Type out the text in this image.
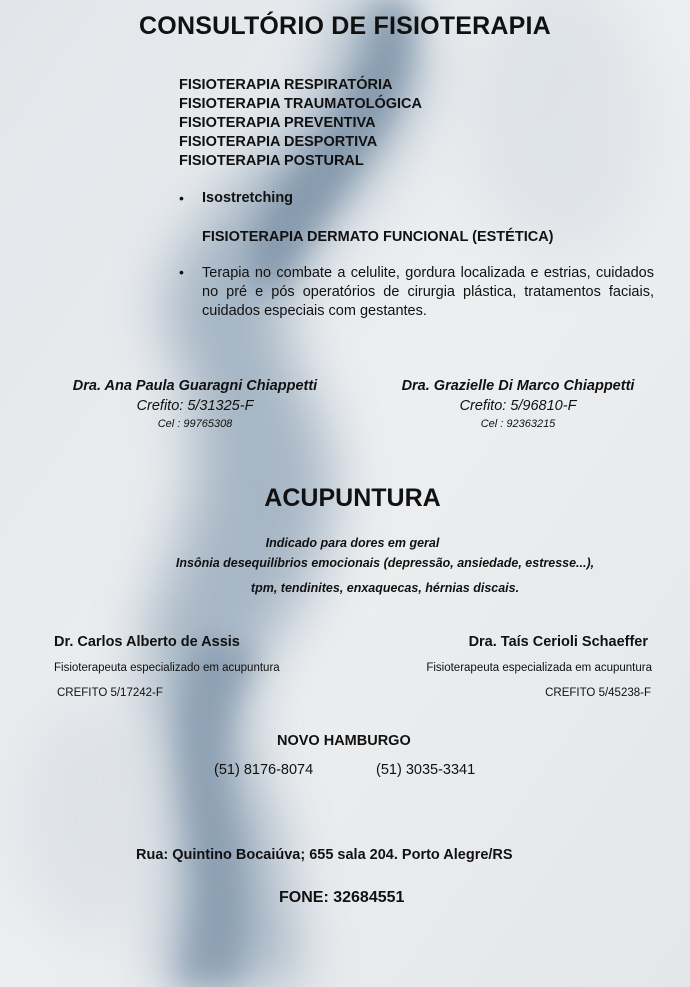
CONSULTÓRIO DE FISIOTERAPIA
FISIOTERAPIA RESPIRATÓRIA
FISIOTERAPIA TRAUMATOLÓGICA
FISIOTERAPIA PREVENTIVA
FISIOTERAPIA DESPORTIVA
FISIOTERAPIA POSTURAL
• Isostretching
FISIOTERAPIA DERMATO FUNCIONAL (ESTÉTICA)
• Terapia no combate a celulite, gordura localizada e estrias, cuidados no pré e pós operatórios de cirurgia plástica, tratamentos faciais, cuidados especiais com gestantes.
Dra. Ana Paula Guaragni Chiappetti
Crefito: 5/31325-F
Cel : 99765308
Dra. Grazielle Di Marco Chiappetti
Crefito: 5/96810-F
Cel : 92363215
ACUPUNTURA
Indicado para dores em geral
Insônia desequilíbrios emocionais (depressão, ansiedade, estresse...),
tpm, tendinites, enxaquecas, hérnias discais.
Dr. Carlos Alberto de Assis
Fisioterapeuta especializado em acupuntura
CREFITO 5/17242-F
Dra. Taís Cerioli Schaeffer
Fisioterapeuta especializada em acupuntura
CREFITO 5/45238-F
NOVO HAMBURGO
(51) 8176-8074	(51) 3035-3341
Rua: Quintino Bocaiúva; 655 sala 204. Porto Alegre/RS
FONE: 32684551
